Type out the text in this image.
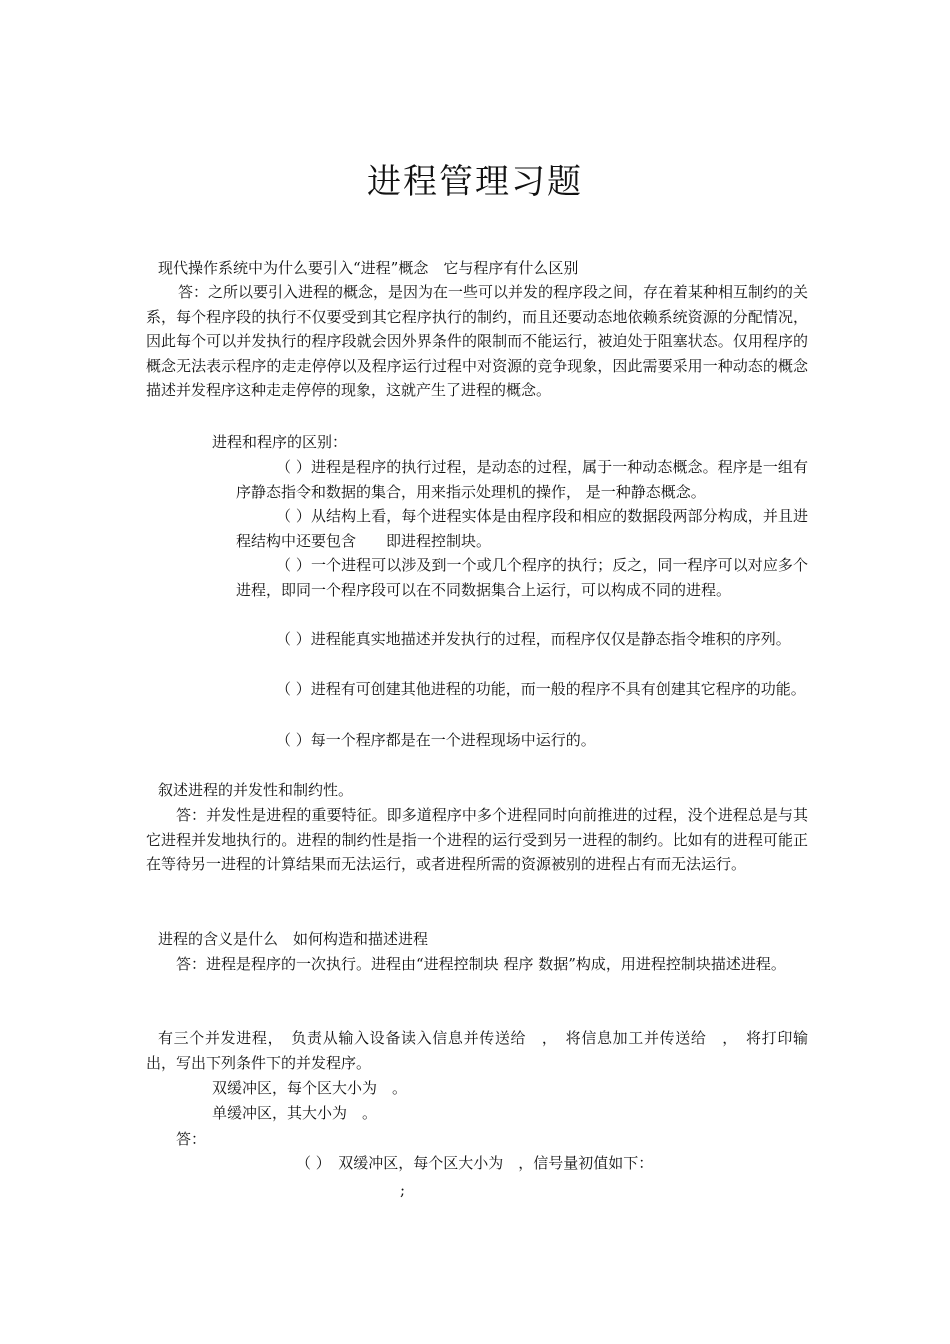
进程管理习题

现代操作系统中为什么要引入“进程”概念　它与程序有什么区别

答：之所以要引入进程的概念，是因为在一些可以并发的程序段之间，存在着某种相互制约的关系，每个程序段的执行不仅要受到其它程序执行的制约，而且还要动态地依赖系统资源的分配情况，因此每个可以并发执行的程序段就会因外界条件的限制而不能运行，被迫处于阻塞状态。仅用程序的概念无法表示程序的走走停停以及程序运行过程中对资源的竞争现象，因此需要采用一种动态的概念描述并发程序这种走走停停的现象，这就产生了进程的概念。

进程和程序的区别：

（ ）进程是程序的执行过程，是动态的过程，属于一种动态概念。程序是一组有序静态指令和数据的集合，用来指示处理机的操作， 是一种静态概念。

（ ）从结构上看，每个进程实体是由程序段和相应的数据段两部分构成，并且进程结构中还要包含　　即进程控制块。

（ ）一个进程可以涉及到一个或几个程序的执行；反之，同一程序可以对应多个进程，即同一个程序段可以在不同数据集合上运行，可以构成不同的进程。

（ ）进程能真实地描述并发执行的过程，而程序仅仅是静态指令堆积的序列。

（ ）进程有可创建其他进程的功能，而一般的程序不具有创建其它程序的功能。

（ ）每一个程序都是在一个进程现场中运行的。

叙述进程的并发性和制约性。

答：并发性是进程的重要特征。即多道程序中多个进程同时向前推进的过程，没个进程总是与其它进程并发地执行的。进程的制约性是指一个进程的运行受到另一进程的制约。比如有的进程可能正在等待另一进程的计算结果而无法运行，或者进程所需的资源被别的进程占有而无法运行。

进程的含义是什么　如何构造和描述进程

答：进程是程序的一次执行。进程由“进程控制块 程序 数据”构成，用进程控制块描述进程。

有三个并发进程，　负责从输入设备读入信息并传送给　，　将信息加工并传送给　，　将打印输出，写出下列条件下的并发程序。

双缓冲区，每个区大小为　。

单缓冲区，其大小为　。

答：

（ ）　双缓冲区，每个区大小为　，信号量初值如下：

;
